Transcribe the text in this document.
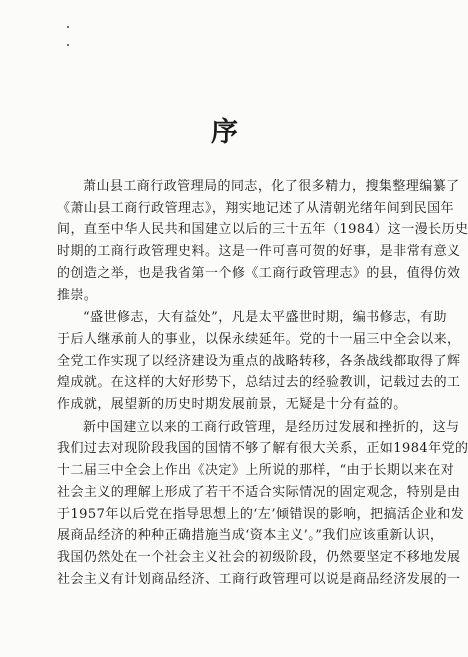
序
萧山县工商行政管理局的同志，化了很多精力，搜集整理编纂了
《萧山县工商行政管理志》，翔实地记述了从清朝光绪年间到民国年
间，直至中华人民共和国建立以后的三十五年（1984）这一漫长历史
时期的工商行政管理史料。这是一件可喜可贺的好事，是非常有意义
的创造之举，也是我省第一个修《工商行政管理志》的县，值得仿效
推崇。
“盛世修志，大有益处”，凡是太平盛世时期，编书修志，有助
于后人继承前人的事业，以保永续延年。党的十一届三中全会以来，
全党工作实现了以经济建设为重点的战略转移，各条战线都取得了辉
煌成就。在这样的大好形势下，总结过去的经验教训，记载过去的工
作成就，展望新的历史时期发展前景，无疑是十分有益的。
新中国建立以来的工商行政管理，是经历过发展和挫折的，这与
我们过去对现阶段我国的国情不够了解有很大关系，正如1984年党的
十二届三中全会上作出《决定》上所说的那样，“由于长期以来在对
社会主义的理解上形成了若干不适合实际情况的固定观念，特别是由
于1957年以后党在指导思想上的‘左’倾错误的影响，把搞活企业和发
展商品经济的种种正确措施当成‘资本主义’。”我们应该重新认识，
我国仍然处在一个社会主义社会的初级阶段，仍然要坚定不移地发展
社会主义有计划商品经济、工商行政管理可以说是商品经济发展的一
